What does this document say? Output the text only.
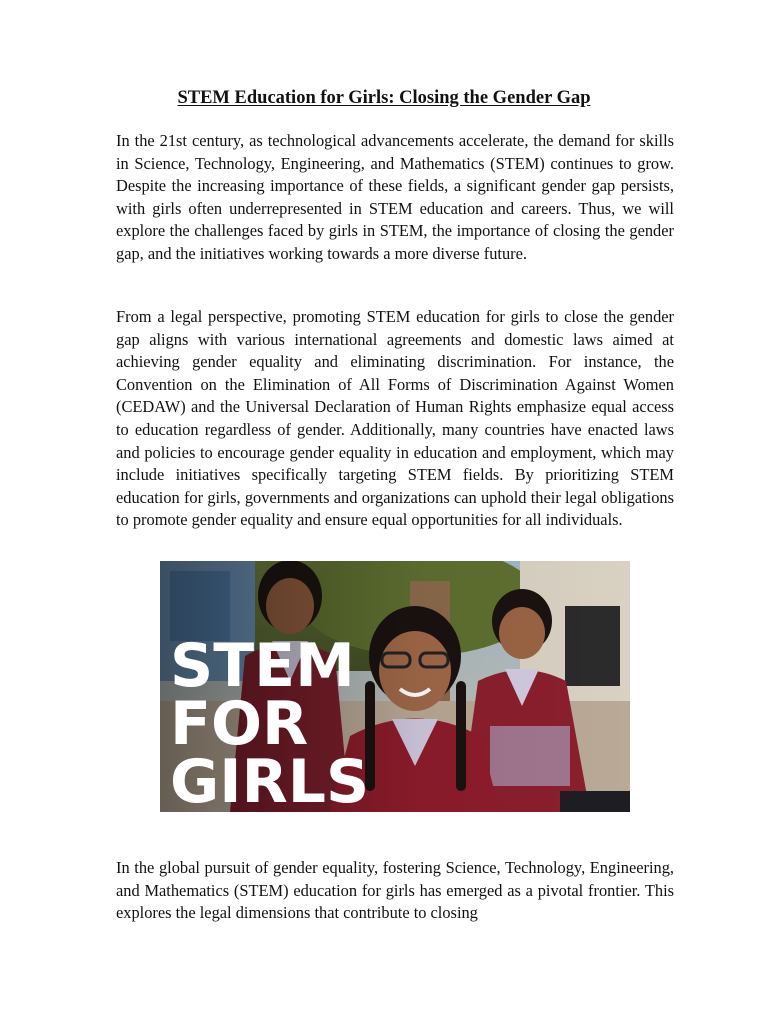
STEM Education for Girls: Closing the Gender Gap

In the 21st century, as technological advancements accelerate, the demand for skills in Science, Technology, Engineering, and Mathematics (STEM) continues to grow. Despite the increasing importance of these fields, a significant gender gap persists, with girls often underrepresented in STEM education and careers. Thus, we will explore the challenges faced by girls in STEM, the importance of closing the gender gap, and the initiatives working towards a more diverse future.

From a legal perspective, promoting STEM education for girls to close the gender gap aligns with various international agreements and domestic laws aimed at achieving gender equality and eliminating discrimination. For instance, the Convention on the Elimination of All Forms of Discrimination Against Women (CEDAW) and the Universal Declaration of Human Rights emphasize equal access to education regardless of gender. Additionally, many countries have enacted laws and policies to encourage gender equality in education and employment, which may include initiatives specifically targeting STEM fields. By prioritizing STEM education for girls, governments and organizations can uphold their legal obligations to promote gender equality and ensure equal opportunities for all individuals.

STEM
FOR
GIRLS

In the global pursuit of gender equality, fostering Science, Technology, Engineering, and Mathematics (STEM) education for girls has emerged as a pivotal frontier. This explores the legal dimensions that contribute to closing
